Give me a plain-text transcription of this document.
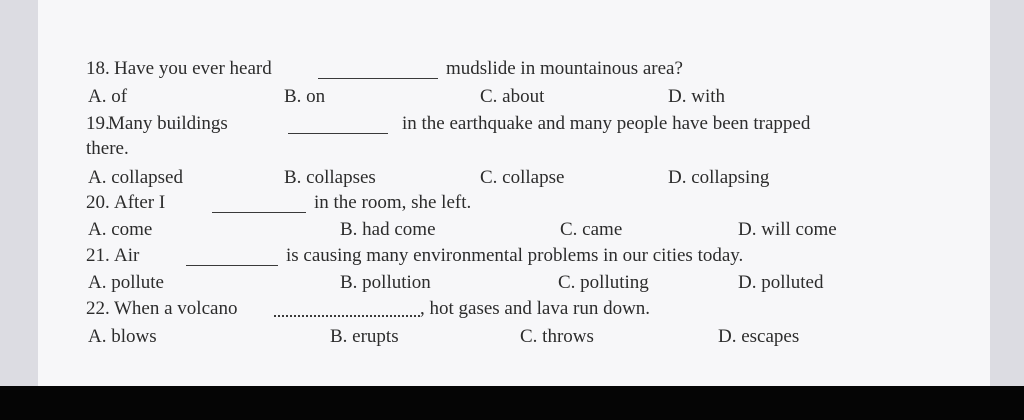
18. Have you ever heard	mudslide in mountainous area?
A. of	B. on	C. about	D. with
19.
Many buildings	in the earthquake and many people have been trapped
there.
A. collapsed	B. collapses	C. collapse	D. collapsing
20. After I	in the room, she left.
A. come	B. had come	C. came	D. will come
21. Air	is causing many environmental problems in our cities today.
A. pollute	B. pollution	C. polluting	D. polluted
22. When a volcano	, hot gases and lava run down.
A. blows	B. erupts	C. throws	D. escapes
